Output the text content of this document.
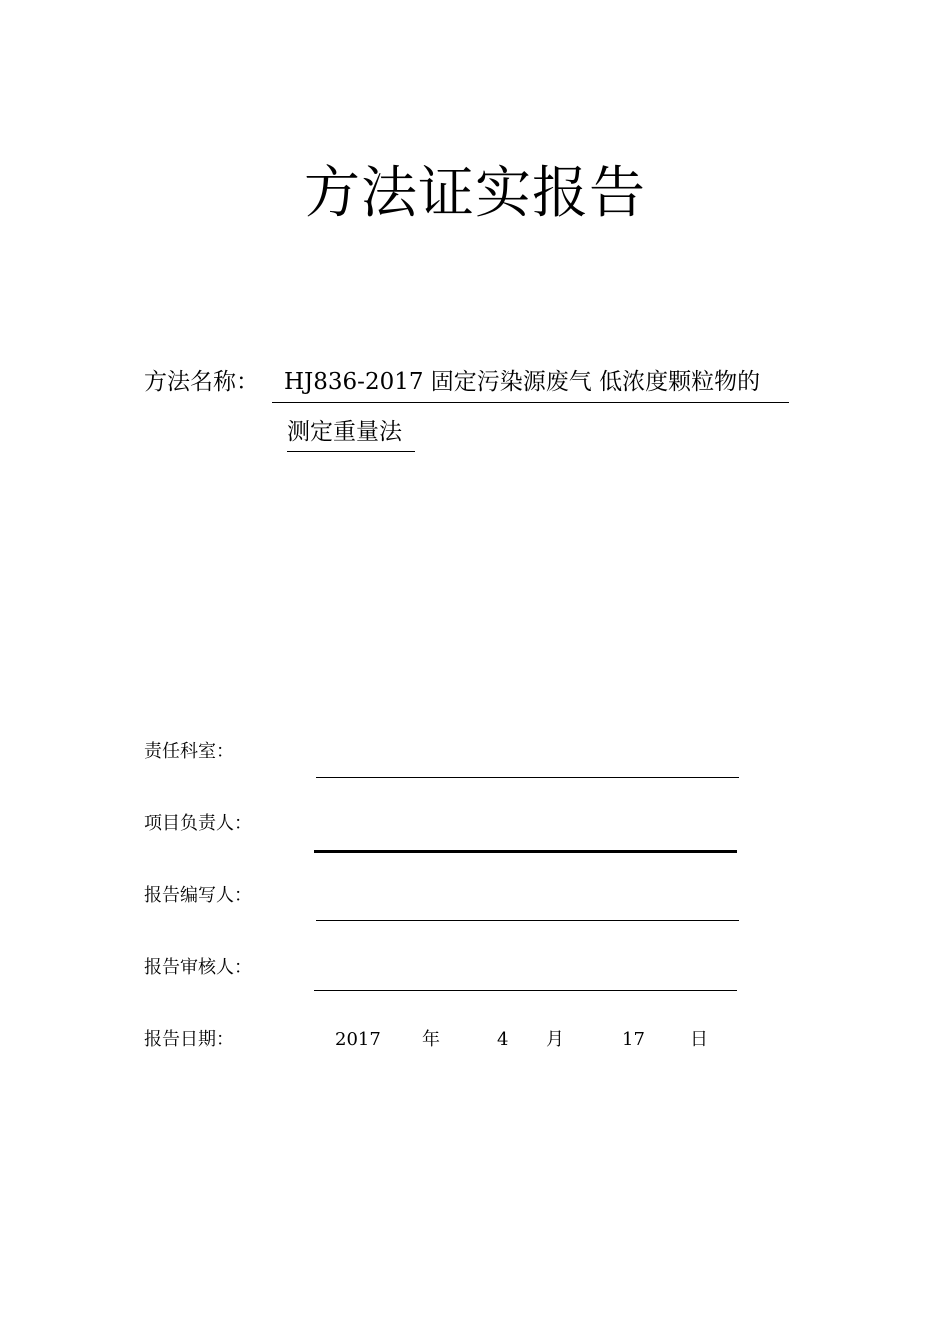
方法证实报告
方法名称：	HJ836-2017 固定污染源废气 低浓度颗粒物的
测定重量法
责任科室：
项目负责人：
报告编写人：
报告审核人：
报告日期：	2017 年	4 月	17	日
